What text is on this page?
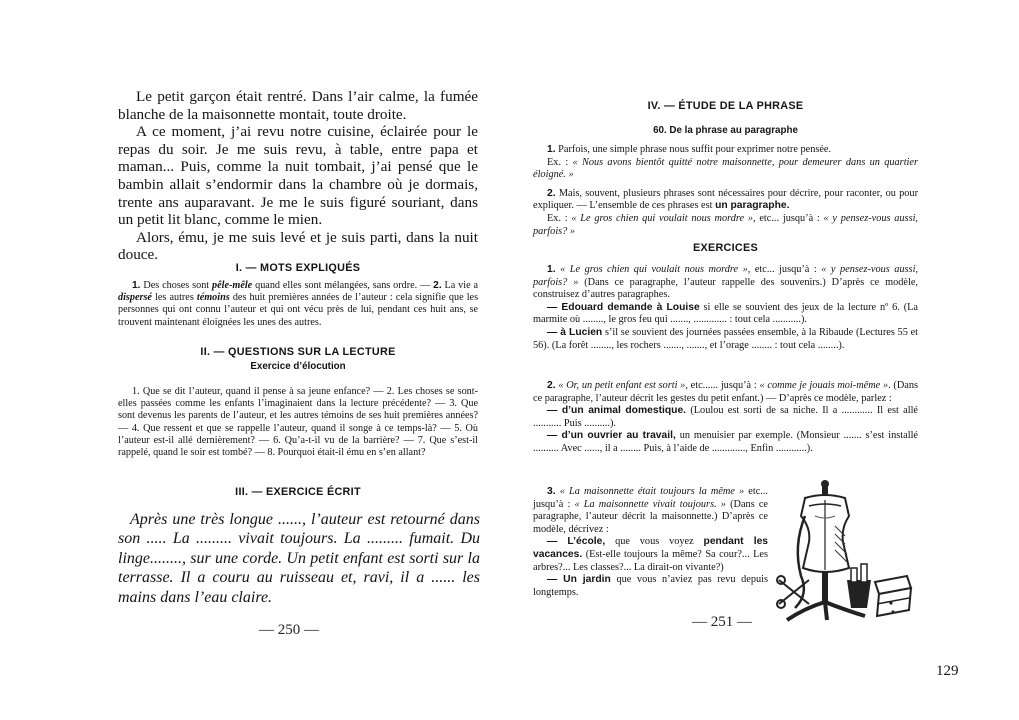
Le petit garçon était rentré. Dans l’air calme, la fumée blanche de la maisonnette montait, toute droite.

A ce moment, j’ai revu notre cuisine, éclairée pour le repas du soir. Je me suis revu, à table, entre papa et maman... Puis, comme la nuit tombait, j’ai pensé que le bambin allait s’endormir dans la chambre où je dormais, trente ans auparavant. Je me le suis figuré souriant, dans un petit lit blanc, comme le mien.

Alors, ému, je me suis levé et je suis parti, dans la nuit douce.

I. — MOTS EXPLIQUÉS

1. Des choses sont pêle-mêle quand elles sont mélangées, sans ordre. — 2. La vie a dispersé les autres témoins des huit premières années de l’auteur : cela signifie que les personnes qui ont connu l’auteur et qui ont vécu près de lui, pendant ces huit ans, se trouvent maintenant éloignées les unes des autres.

II. — QUESTIONS SUR LA LECTURE
Exercice d’élocution

1. Que se dit l’auteur, quand il pense à sa jeune enfance? — 2. Les choses se sont-elles passées comme les enfants l’imaginaient dans la lecture précédente? — 3. Que sont devenus les parents de l’auteur, et les autres témoins de ses huit premières années? — 4. Que ressent et que se rappelle l’auteur, quand il songe à ce temps-là? — 5. Où l’auteur est-il allé dernièrement? — 6. Qu’a-t-il vu de la barrière? — 7. Que s’est-il rappelé, quand le soir est tombé? — 8. Pourquoi était-il ému en s’en allant?

III. — EXERCICE ÉCRIT

Après une très longue ......, l’auteur est retourné dans son ..... La ......... vivait toujours. La ......... fumait. Du linge........, sur une corde. Un petit enfant est sorti sur la terrasse. Il a couru au ruisseau et, ravi, il a ...... les mains dans l’eau claire.

— 250 —
IV. — ÉTUDE DE LA PHRASE
60. De la phrase au paragraphe

1. Parfois, une simple phrase nous suffit pour exprimer notre pensée.

Ex. : « Nous avons bientôt quitté notre maisonnette, pour demeurer dans un quartier éloigné. »

2. Mais, souvent, plusieurs phrases sont nécessaires pour décrire, pour raconter, ou pour expliquer. — L’ensemble de ces phrases est un paragraphe.

Ex. : « Le gros chien qui voulait nous mordre », etc... jusqu’à : « y pensez-vous aussi, parfois? »

EXERCICES

1. « Le gros chien qui voulait nous mordre », etc... jusqu’à : « y pensez-vous aussi, parfois? » (Dans ce paragraphe, l’auteur rappelle des souvenirs.) D’après ce modèle, construisez d’autres paragraphes.

— Edouard demande à Louise si elle se souvient des jeux de la lecture nº 6. (La marmite où ........, le gros feu qui ......., ............. : tout cela ...........).

— à Lucien s’il se souvient des journées passées ensemble, à la Ribaude (Lectures 55 et 56). (La forêt ........, les rochers ......., ......., et l’orage ........ : tout cela ........).

2. « Or, un petit enfant est sorti », etc...... jusqu’à : « comme je jouais moi-même ». (Dans ce paragraphe, l’auteur décrit les gestes du petit enfant.) — D’après ce modèle, parlez :

— d’un animal domestique. (Loulou est sorti de sa niche. Il a ............ Il est allé ........... Puis ..........).

— d’un ouvrier au travail, un menuisier par exemple. (Monsieur ....... s’est installé .......... Avec ......, il a ........ Puis, à l’aide de ............., Enfin ............).

3. « La maisonnette était toujours la même » etc... jusqu’à : « La maisonnette vivait toujours. » (Dans ce paragraphe, l’auteur décrit la maisonnette.) D’après ce modèle, décrivez :

— L’école, que vous voyez pendant les vacances. (Est-elle toujours la même? Sa cour?... Les arbres?... Les classes?... La dirait-on vivante?)

— Un jardin que vous n’aviez pas revu depuis longtemps.

— 251 —
129
